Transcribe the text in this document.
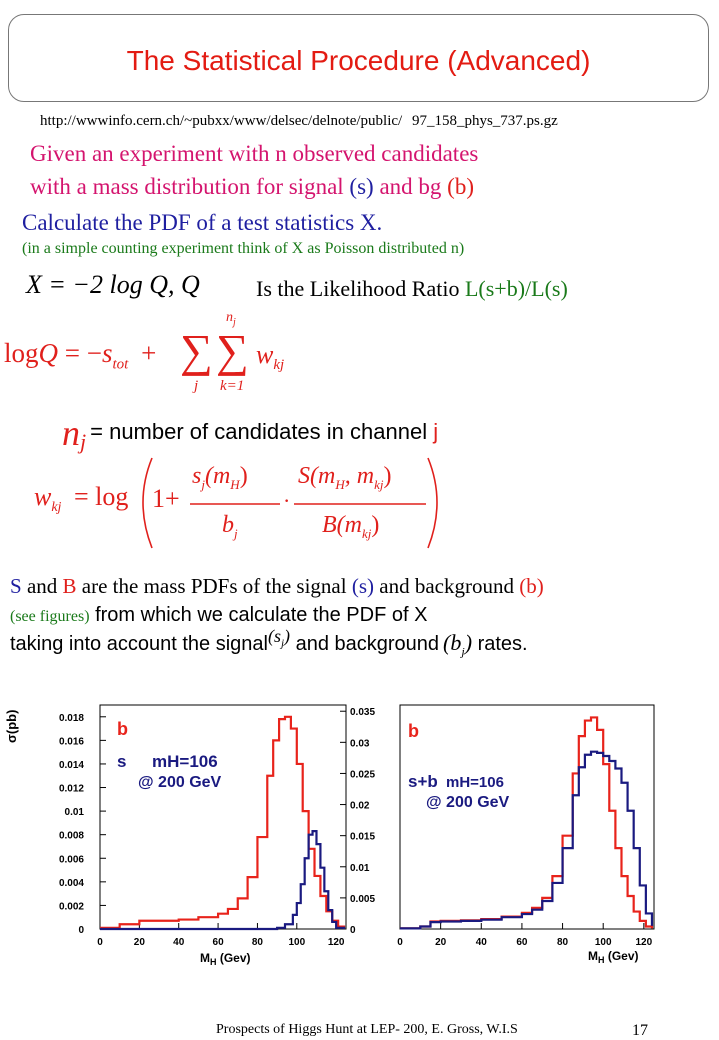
The Statistical Procedure (Advanced)
http://wwwinfo.cern.ch/~pubxx/www/delsec/delnote/public/ 97_158_phys_737.ps.gz
Given an experiment with n observed candidates
with a mass distribution for signal (s) and bg (b)
Calculate the PDF of a test statistics X.
(in a simple counting experiment think of X as Poisson distributed n)
X = −2 log Q, Q	Is the Likelihood Ratio L(s+b)/L(s)
$\log Q = -s_{tot}$ + ∑
j
∑
$n_j$
k=1
$w_{kj}$
$n_j$ = number of candidates in channel j
$w_{kj} = \log 1+$
$s_j(m_H)$
$b_j$
·
$S(m_H$, $m_{kj}$)
$B(m_{kj})$
S and B are the mass PDFs of the signal (s) and background (b)
(see figures) from which we calculate the PDF of X
taking into account the $signal(s_j)$ and background $(b_j)$ rates.
0	20	40	60	80	100 120
0
0.002
0.004
0.006
0.008
0.01
0.012
0.014
0.016
0.018
0
0.005
0.01
0.015
0.02
0.025
0.03
0.035
σ(pb)
$M_H$ (Gev)
b
s mH=106
@ 200 GeV
0	20	40	60	80	100 120
$M_H$ (Gev)
b
s+b mH=106
@ 200 GeV
Prospects of Higgs Hunt at LEP- 200, E. Gross, W.I.S	17
